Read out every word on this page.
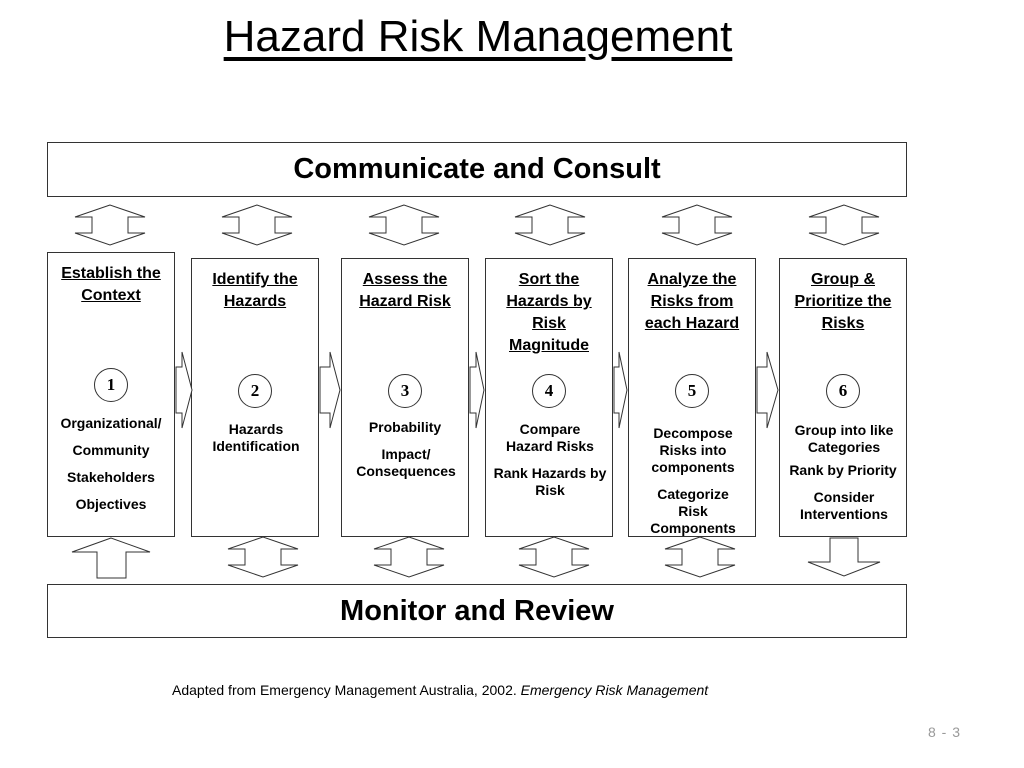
Hazard Risk Management
Communicate and Consult
Establish the
Context
1
Organizational/
Community
Stakeholders
Objectives
Identify the
Hazards
2
Hazards Identification
Assess the
Hazard Risk
3
Probability
Impact/ Consequences
Sort the
Hazards by
Risk
Magnitude
4
Compare Hazard Risks
Rank Hazards by Risk
Analyze the
Risks from
each Hazard
5
Decompose Risks into components
Categorize Risk Components
Group &
Prioritize the
Risks
6
Group into like Categories
Rank by Priority
Consider Interventions
Monitor and Review
Adapted from Emergency Management Australia, 2002. Emergency Risk Management
8 - 3
